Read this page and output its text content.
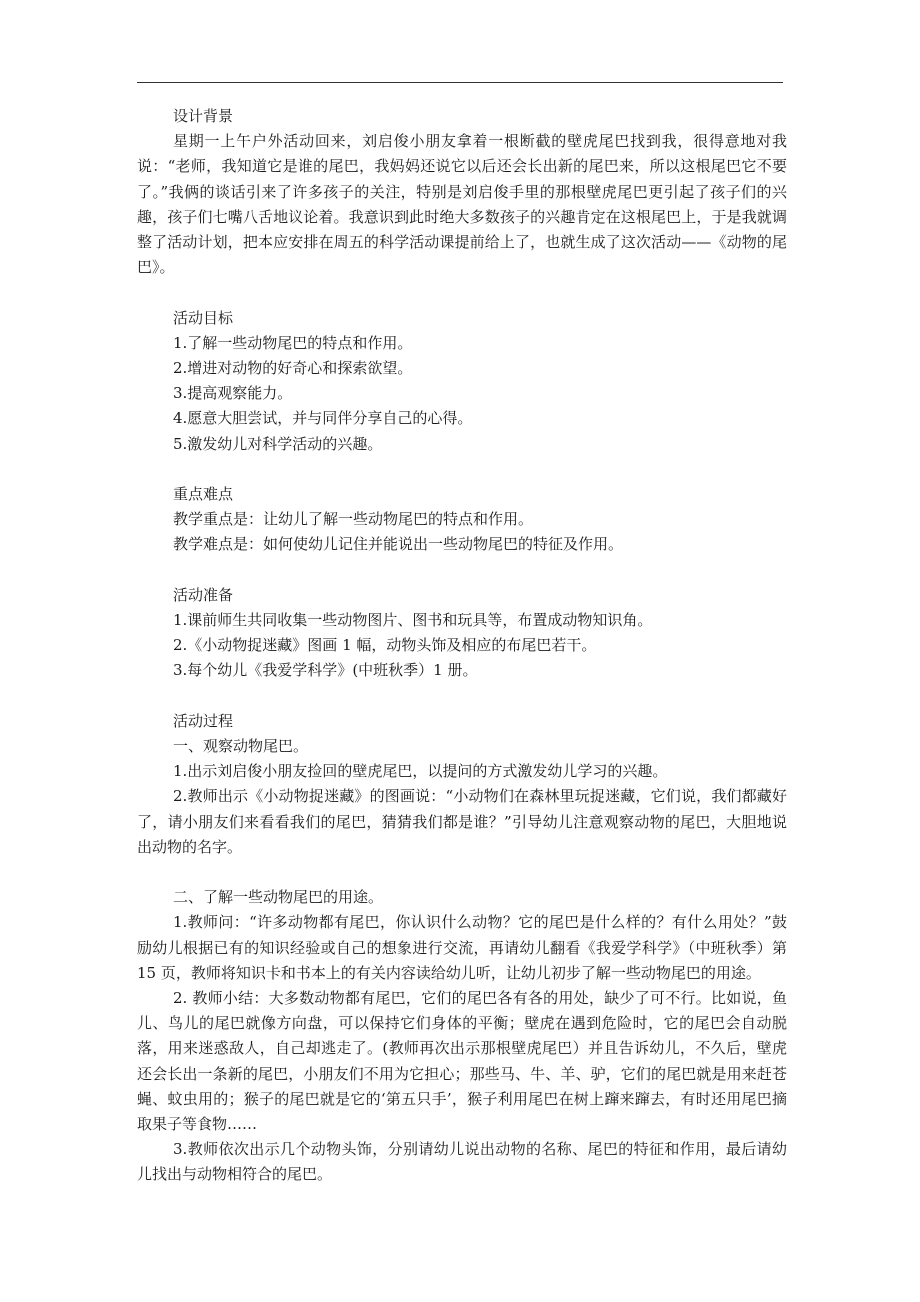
设计背景

星期一上午户外活动回来，刘启俊小朋友拿着一根断截的壁虎尾巴找到我，很得意地对我说：“老师，我知道它是谁的尾巴，我妈妈还说它以后还会长出新的尾巴来，所以这根尾巴它不要了。”我俩的谈话引来了许多孩子的关注，特别是刘启俊手里的那根壁虎尾巴更引起了孩子们的兴趣，孩子们七嘴八舌地议论着。我意识到此时绝大多数孩子的兴趣肯定在这根尾巴上，于是我就调整了活动计划，把本应安排在周五的科学活动课提前给上了，也就生成了这次活动——《动物的尾巴》。

活动目标

1.了解一些动物尾巴的特点和作用。

2.增进对动物的好奇心和探索欲望。

3.提高观察能力。

4.愿意大胆尝试，并与同伴分享自己的心得。

5.激发幼儿对科学活动的兴趣。

重点难点

教学重点是：让幼儿了解一些动物尾巴的特点和作用。

教学难点是：如何使幼儿记住并能说出一些动物尾巴的特征及作用。

活动准备

1.课前师生共同收集一些动物图片、图书和玩具等，布置成动物知识角。

2.《小动物捉迷藏》图画 1 幅，动物头饰及相应的布尾巴若干。

3.每个幼儿《我爱学科学》(中班秋季）1 册。

活动过程

一、观察动物尾巴。

1.出示刘启俊小朋友捡回的壁虎尾巴，以提问的方式激发幼儿学习的兴趣。

2.教师出示《小动物捉迷藏》的图画说：“小动物们在森林里玩捉迷藏，它们说，我们都藏好了，请小朋友们来看看我们的尾巴，猜猜我们都是谁？”引导幼儿注意观察动物的尾巴，大胆地说出动物的名字。

二、了解一些动物尾巴的用途。

1.教师问：“许多动物都有尾巴，你认识什么动物？它的尾巴是什么样的？有什么用处？”鼓励幼儿根据已有的知识经验或自己的想象进行交流，再请幼儿翻看《我爱学科学》（中班秋季）第 15 页，教师将知识卡和书本上的有关内容读给幼儿听，让幼儿初步了解一些动物尾巴的用途。

2. 教师小结：大多数动物都有尾巴，它们的尾巴各有各的用处，缺少了可不行。比如说，鱼儿、鸟儿的尾巴就像方向盘，可以保持它们身体的平衡；壁虎在遇到危险时，它的尾巴会自动脱落，用来迷惑敌人，自己却逃走了。(教师再次出示那根壁虎尾巴）并且告诉幼儿，不久后，壁虎还会长出一条新的尾巴，小朋友们不用为它担心；那些马、牛、羊、驴，它们的尾巴就是用来赶苍蝇、蚊虫用的；猴子的尾巴就是它的‘第五只手’，猴子利用尾巴在树上蹿来蹿去，有时还用尾巴摘取果子等食物……

3.教师依次出示几个动物头饰，分别请幼儿说出动物的名称、尾巴的特征和作用，最后请幼儿找出与动物相符合的尾巴。
